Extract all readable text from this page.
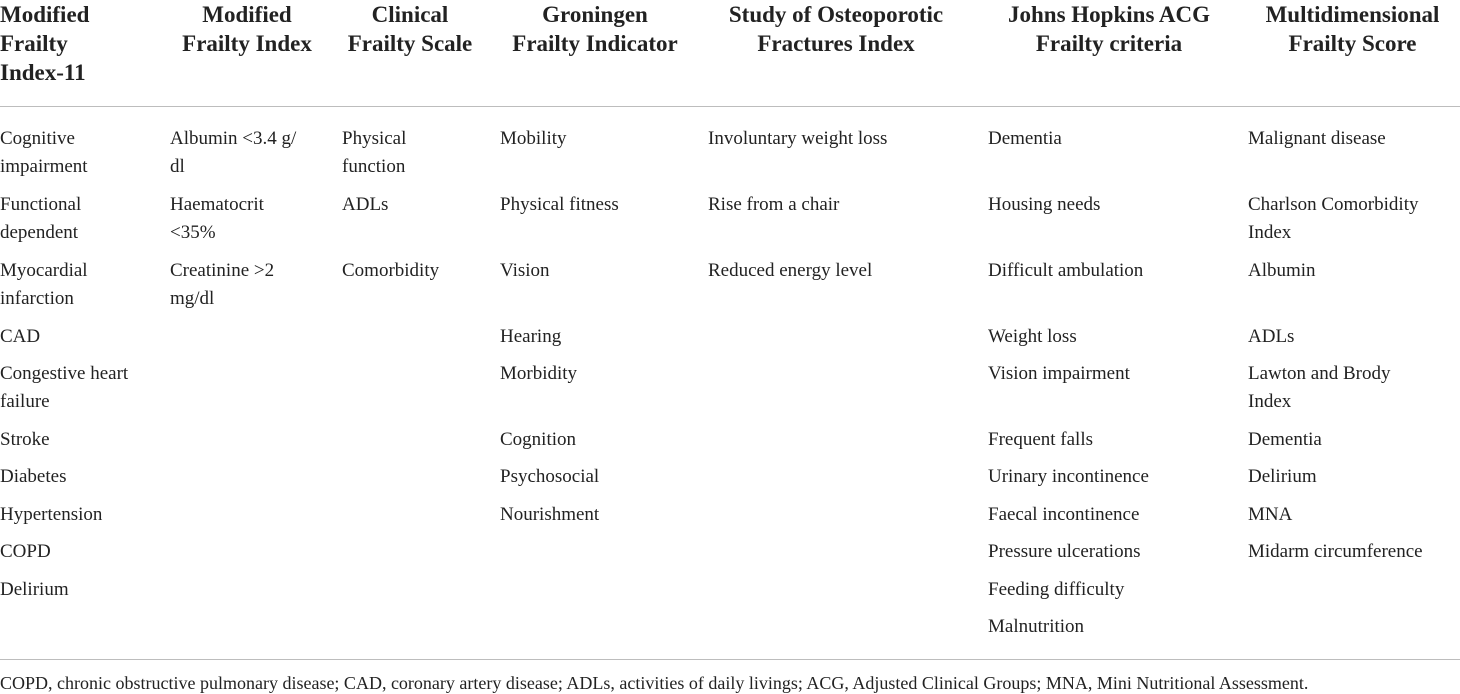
Modified
Frailty
Index-11
Modified
Frailty Index
Clinical
Frailty Scale
Groningen
Frailty Indicator
Study of Osteoporotic
Fractures Index
Johns Hopkins ACG
Frailty criteria
Multidimensional
Frailty Score
Cognitive
impairment
Functional
dependent
Myocardial
infarction
CAD
Congestive heart
failure
Stroke
Diabetes
Hypertension
COPD
Delirium
Albumin <3.4 g/
dl
Haematocrit
<35%
Creatinine >2
mg/dl
Physical
function
ADLs
Comorbidity
Mobility
Physical fitness
Vision
Hearing
Morbidity
Cognition
Psychosocial
Nourishment
Involuntary weight loss
Rise from a chair
Reduced energy level
Dementia
Housing needs
Difficult ambulation
Weight loss
Vision impairment
Frequent falls
Urinary incontinence
Faecal incontinence
Pressure ulcerations
Feeding difficulty
Malnutrition
Malignant disease
Charlson Comorbidity
Index
Albumin
ADLs
Lawton and Brody
Index
Dementia
Delirium
MNA
Midarm circumference
COPD, chronic obstructive pulmonary disease; CAD, coronary artery disease; ADLs, activities of daily livings; ACG, Adjusted Clinical Groups; MNA, Mini Nutritional Assessment.
